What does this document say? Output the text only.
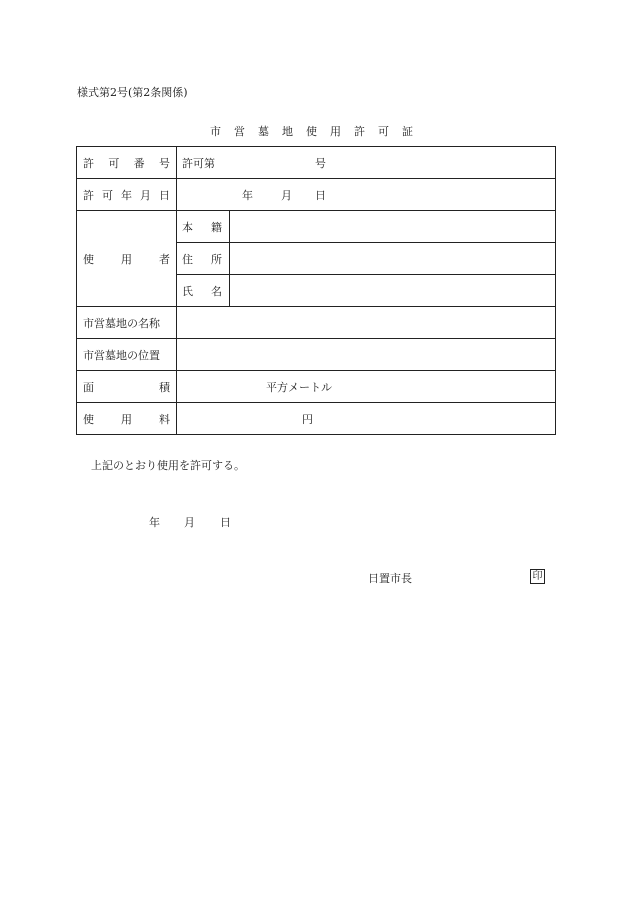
様式第2号(第2条関係)
市営墓地使用許可証
許 可 番 号	許可第 号	

許 可 年 月 日	年 月 日	

使 用 者	本 籍	

	住 所	

	氏 名	

市営墓地の名称		
市営墓地の位置		

面 積	平方メートル	

使 用 料	円	
上記のとおり使用を許可する。
年 月 日
日置市長	印
